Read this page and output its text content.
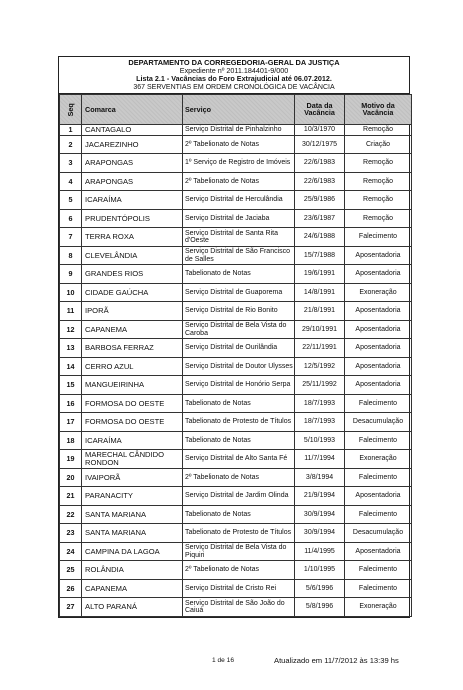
DEPARTAMENTO DA CORREGEDORIA-GERAL DA JUSTIÇA
Expediente nº 2011.184401-9/000
Lista 2.1 - Vacâncias do Foro Extrajudicial até 06.07.2012.
367 SERVENTIAS EM ORDEM CRONOLÓGICA DE VACÂNCIA
Seq	Comarca	Serviço	Data da Vacância	Motivo da Vacância
1	CANTAGALO	Serviço Distrital de Pinhalzinho	10/3/1970	Remoção
2	JACAREZINHO	2º Tabelionato de Notas	30/12/1975	Criação
3	ARAPONGAS	1º Serviço de Registro de Imóveis	22/6/1983	Remoção
4	ARAPONGAS	2º Tabelionato de Notas	22/6/1983	Remoção
5	ICARAÍMA	Serviço Distrital de Herculândia	25/9/1986	Remoção
6	PRUDENTÓPOLIS	Serviço Distrital de Jaciaba	23/6/1987	Remoção
7	TERRA ROXA	Serviço Distrital de Santa Rita d'Oeste	24/6/1988	Falecimento
8	CLEVELÂNDIA	Serviço Distrital de São Francisco de Salles	15/7/1988	Aposentadoria
9	GRANDES RIOS	Tabelionato de Notas	19/6/1991	Aposentadoria
10	CIDADE GAÚCHA	Serviço Distrital de Guaporema	14/8/1991	Exoneração
11	IPORÃ	Serviço Distrital de Rio Bonito	21/8/1991	Aposentadoria
12	CAPANEMA	Serviço Distrital de Bela Vista do Caroba	29/10/1991	Aposentadoria
13	BARBOSA FERRAZ	Serviço Distrital de Ourilândia	22/11/1991	Aposentadoria
14	CERRO AZUL	Serviço Distrital de Doutor Ulysses	12/5/1992	Aposentadoria
15	MANGUEIRINHA	Serviço Distrital de Honório Serpa	25/11/1992	Aposentadoria
16	FORMOSA DO OESTE	Tabelionato de Notas	18/7/1993	Falecimento
17	FORMOSA DO OESTE	Tabelionato de Protesto de Títulos	18/7/1993	Desacumulação
18	ICARAÍMA	Tabelionato de Notas	5/10/1993	Falecimento
19	MARECHAL CÂNDIDO RONDON	Serviço Distrital de Alto Santa Fé	11/7/1994	Exoneração
20	IVAIPORÃ	2º Tabelionato de Notas	3/8/1994	Falecimento
21	PARANACITY	Serviço Distrital de Jardim Olinda	21/9/1994	Aposentadoria
22	SANTA MARIANA	Tabelionato de Notas	30/9/1994	Falecimento
23	SANTA MARIANA	Tabelionato de Protesto de Títulos	30/9/1994	Desacumulação
24	CAMPINA DA LAGOA	Serviço Distrital de Bela Vista do Piquiri	11/4/1995	Aposentadoria
25	ROLÂNDIA	2º Tabelionato de Notas	1/10/1995	Falecimento
26	CAPANEMA	Serviço Distrital de Cristo Rei	5/6/1996	Falecimento
27	ALTO PARANÁ	Serviço Distrital de São João do Caiuá	5/8/1996	Exoneração
1 de 16	Atualizado em 11/7/2012 às 13:39 hs
